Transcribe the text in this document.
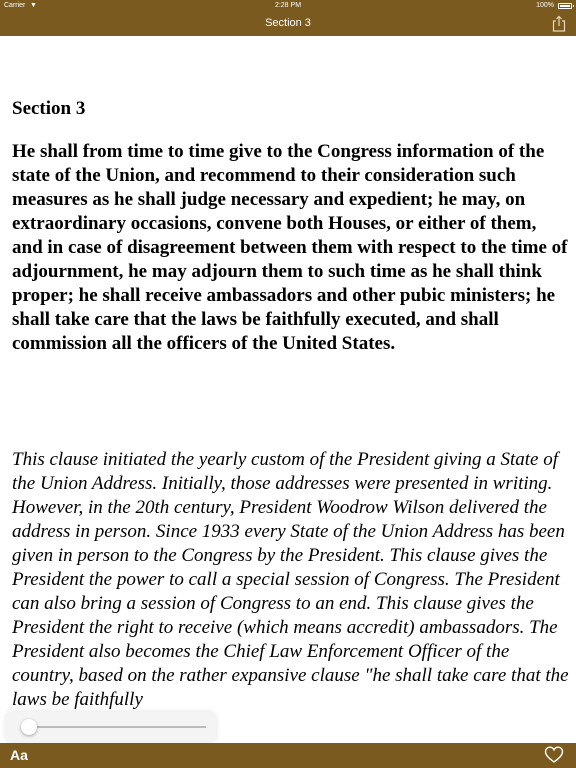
Carrier ▼	2:28 PM	100%
Section 3

Section 3

He shall from time to time give to the Congress information of the state of the Union, and recommend to their consideration such measures as he shall judge necessary and expedient; he may, on extraordinary occasions, convene both Houses, or either of them, and in case of disagreement between them with respect to the time of adjournment, he may adjourn them to such time as he shall think proper; he shall receive ambassadors and other pubic ministers; he shall take care that the laws be faithfully executed, and shall commission all the officers of the United States.

This clause initiated the yearly custom of the President giving a State of the Union Address. Initially, those addresses were presented in writing. However, in the 20th century, President Woodrow Wilson delivered the address in person. Since 1933 every State of the Union Address has been given in person to the Congress by the President. This clause gives the President the power to call a special session of Congress. The President can also bring a session of Congress to an end. This clause gives the President the right to receive (which means accredit) ambassadors. The President also becomes the Chief Law Enforcement Officer of the country, based on the rather expansive clause "he shall take care that the laws be faithfully

Aa
